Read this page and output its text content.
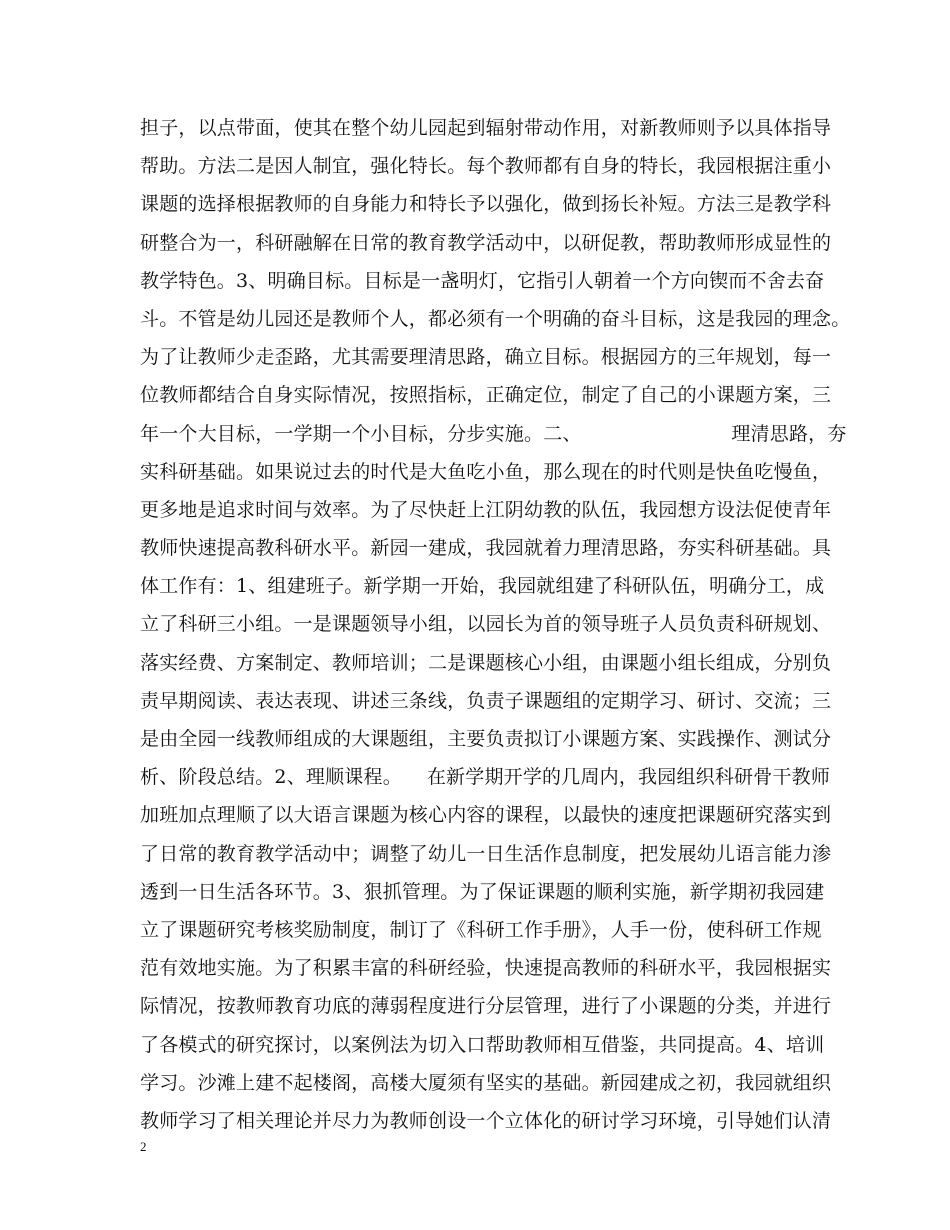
担子，以点带面，使其在整个幼儿园起到辐射带动作用，对新教师则予以具体指导
帮助。方法二是因人制宜，强化特长。每个教师都有自身的特长，我园根据注重小
课题的选择根据教师的自身能力和特长予以强化，做到扬长补短。方法三是教学科
研整合为一，科研融解在日常的教育教学活动中，以研促教，帮助教师形成显性的
教学特色。3、明确目标。目标是一盏明灯，它指引人朝着一个方向锲而不舍去奋
斗。不管是幼儿园还是教师个人，都必须有一个明确的奋斗目标，这是我园的理念。
为了让教师少走歪路，尤其需要理清思路，确立目标。根据园方的三年规划，每一
位教师都结合自身实际情况，按照指标，正确定位，制定了自己的小课题方案，三
年一个大目标，一学期一个小目标，分步实施。二、                        理清思路，夯
实科研基础。如果说过去的时代是大鱼吃小鱼，那么现在的时代则是快鱼吃慢鱼，
更多地是追求时间与效率。为了尽快赶上江阴幼教的队伍，我园想方设法促使青年
教师快速提高教科研水平。新园一建成，我园就着力理清思路，夯实科研基础。具
体工作有：1、组建班子。新学期一开始，我园就组建了科研队伍，明确分工，成
立了科研三小组。一是课题领导小组，以园长为首的领导班子人员负责科研规划、
落实经费、方案制定、教师培训；二是课题核心小组，由课题小组长组成，分别负
责早期阅读、表达表现、讲述三条线，负责子课题组的定期学习、研讨、交流；三
是由全园一线教师组成的大课题组，主要负责拟订小课题方案、实践操作、测试分
析、阶段总结。2、理顺课程。    在新学期开学的几周内，我园组织科研骨干教师
加班加点理顺了以大语言课题为核心内容的课程，以最快的速度把课题研究落实到
了日常的教育教学活动中；调整了幼儿一日生活作息制度，把发展幼儿语言能力渗
透到一日生活各环节。3、狠抓管理。为了保证课题的顺利实施，新学期初我园建
立了课题研究考核奖励制度，制订了《科研工作手册》，人手一份，使科研工作规
范有效地实施。为了积累丰富的科研经验，快速提高教师的科研水平，我园根据实
际情况，按教师教育功底的薄弱程度进行分层管理，进行了小课题的分类，并进行
了各模式的研究探讨，以案例法为切入口帮助教师相互借鉴，共同提高。4、培训
学习。沙滩上建不起楼阁，高楼大厦须有坚实的基础。新园建成之初，我园就组织
教师学习了相关理论并尽力为教师创设一个立体化的研讨学习环境，引导她们认清
2
